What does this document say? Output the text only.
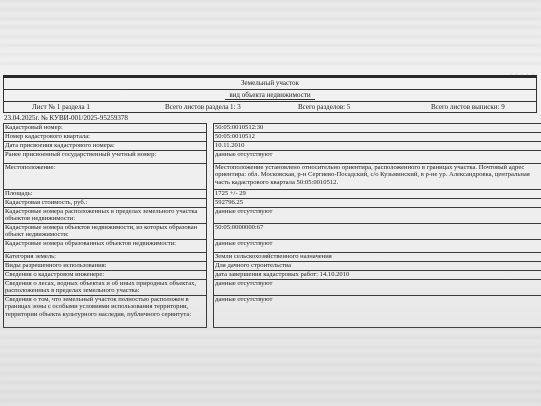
Земельный участок
вид объекта недвижимости
Лист № 1 раздела 1	Всего листов раздела 1: 3	Всего разделов: 5	Всего листов выписки: 9
23.04.2025г. № КУВИ-001/2025-95259378
Кадастровый номер:		50:05:0010512:30
Номер кадастрового квартала:		50:05:0010512
Дата присвоения кадастрового номера:		10.11.2010
Ранее присвоенный государственный учетный номер:		данные отсутствуют
Местоположение:		Местоположение установлено относительно ориентира, расположенного в границах участка. Почтовый адрес ориентира: обл. Московская, р-н Сергиево-Посадский, с/о Кузьминский, в р-не ур. Александровка, центральная часть кадастрового квартала 50:05:0010512.
Площадь:		1725 +/- 29
Кадастровая стоимость, руб.:		592796.25
Кадастровые номера расположенных в пределах земельного участка объектов недвижимости:		данные отсутствуют
Кадастровые номера объектов недвижимости, из которых образован объект недвижимости:		50:05:0000000:67
Кадастровые номера образованных объектов недвижимости:		данные отсутствуют
Категория земель:		Земли сельскохозяйственного назначения
Виды разрешенного использования:		Для дачного строительства
Сведения о кадастровом инженере:		дата завершения кадастровых работ: 14.10.2010
Сведения о лесах, водных объектах и об иных природных объектах, расположенных в пределах земельного участка:		данные отсутствуют
Сведения о том, что земельный участок полностью расположен в границах зоны с особыми условиями использования территории, территории объекта культурного наследия, публичного сервитута:		данные отсутствуют
